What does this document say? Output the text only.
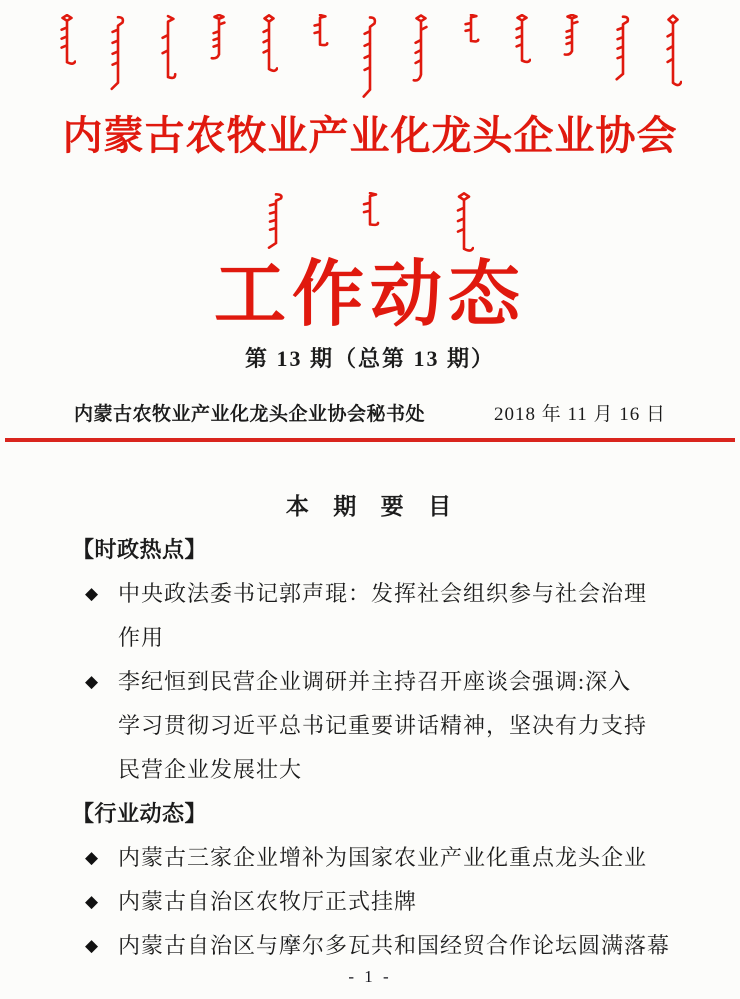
内蒙古农牧业产业化龙头企业协会
工作动态
第 13 期（总第 13 期）
内蒙古农牧业产业化龙头企业协会秘书处	2018 年 11 月 16 日
本 期 要 目
【时政热点】
◆ 中央政法委书记郭声琨：发挥社会组织参与社会治理
作用
◆ 李纪恒到民营企业调研并主持召开座谈会强调:深入
学习贯彻习近平总书记重要讲话精神，坚决有力支持
民营企业发展壮大
【行业动态】
◆ 内蒙古三家企业增补为国家农业产业化重点龙头企业
◆ 内蒙古自治区农牧厅正式挂牌
◆ 内蒙古自治区与摩尔多瓦共和国经贸合作论坛圆满落幕
- 1 -
